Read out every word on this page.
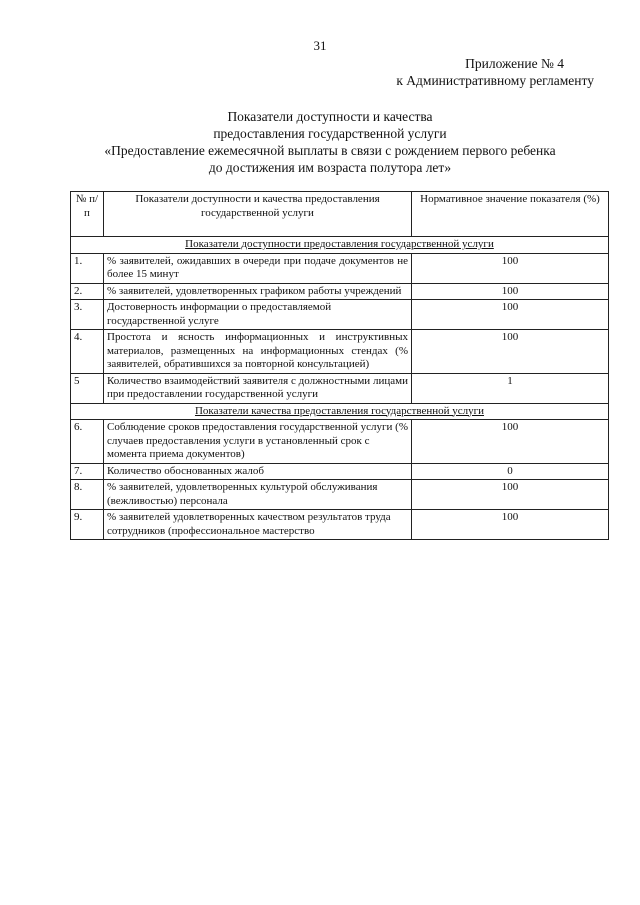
31
Приложение № 4
к Административному регламенту
Показатели доступности и качества
предоставления государственной услуги
«Предоставление ежемесячной выплаты в связи с рождением первого ребенка
до достижения им возраста полутора лет»
№ п/п	Показатели доступности и качества предоставления государственной услуги	Нормативное значение показателя (%)
Показатели доступности предоставления государственной услуги		
1.	% заявителей, ожидавших в очереди при подаче документов не более 15 минут	100
2.	% заявителей, удовлетворенных графиком работы учреждений	100
3.	Достоверность информации о предоставляемой государственной услуге	100
4.	Простота и ясность информационных и инструктивных материалов, размещенных на информационных стендах (% заявителей, обратившихся за повторной консультацией)	100
5	Количество взаимодействий заявителя с должностными лицами при предоставлении государственной услуги	1
Показатели качества предоставления государственной услуги		
6.	Соблюдение сроков предоставления государственной услуги (% случаев предоставления услуги в установленный срок с момента приема документов)	100
7.	Количество обоснованных жалоб	0
8.	% заявителей, удовлетворенных культурой обслуживания (вежливостью) персонала	100
9.	% заявителей удовлетворенных качеством результатов труда сотрудников (профессиональное мастерство	100
